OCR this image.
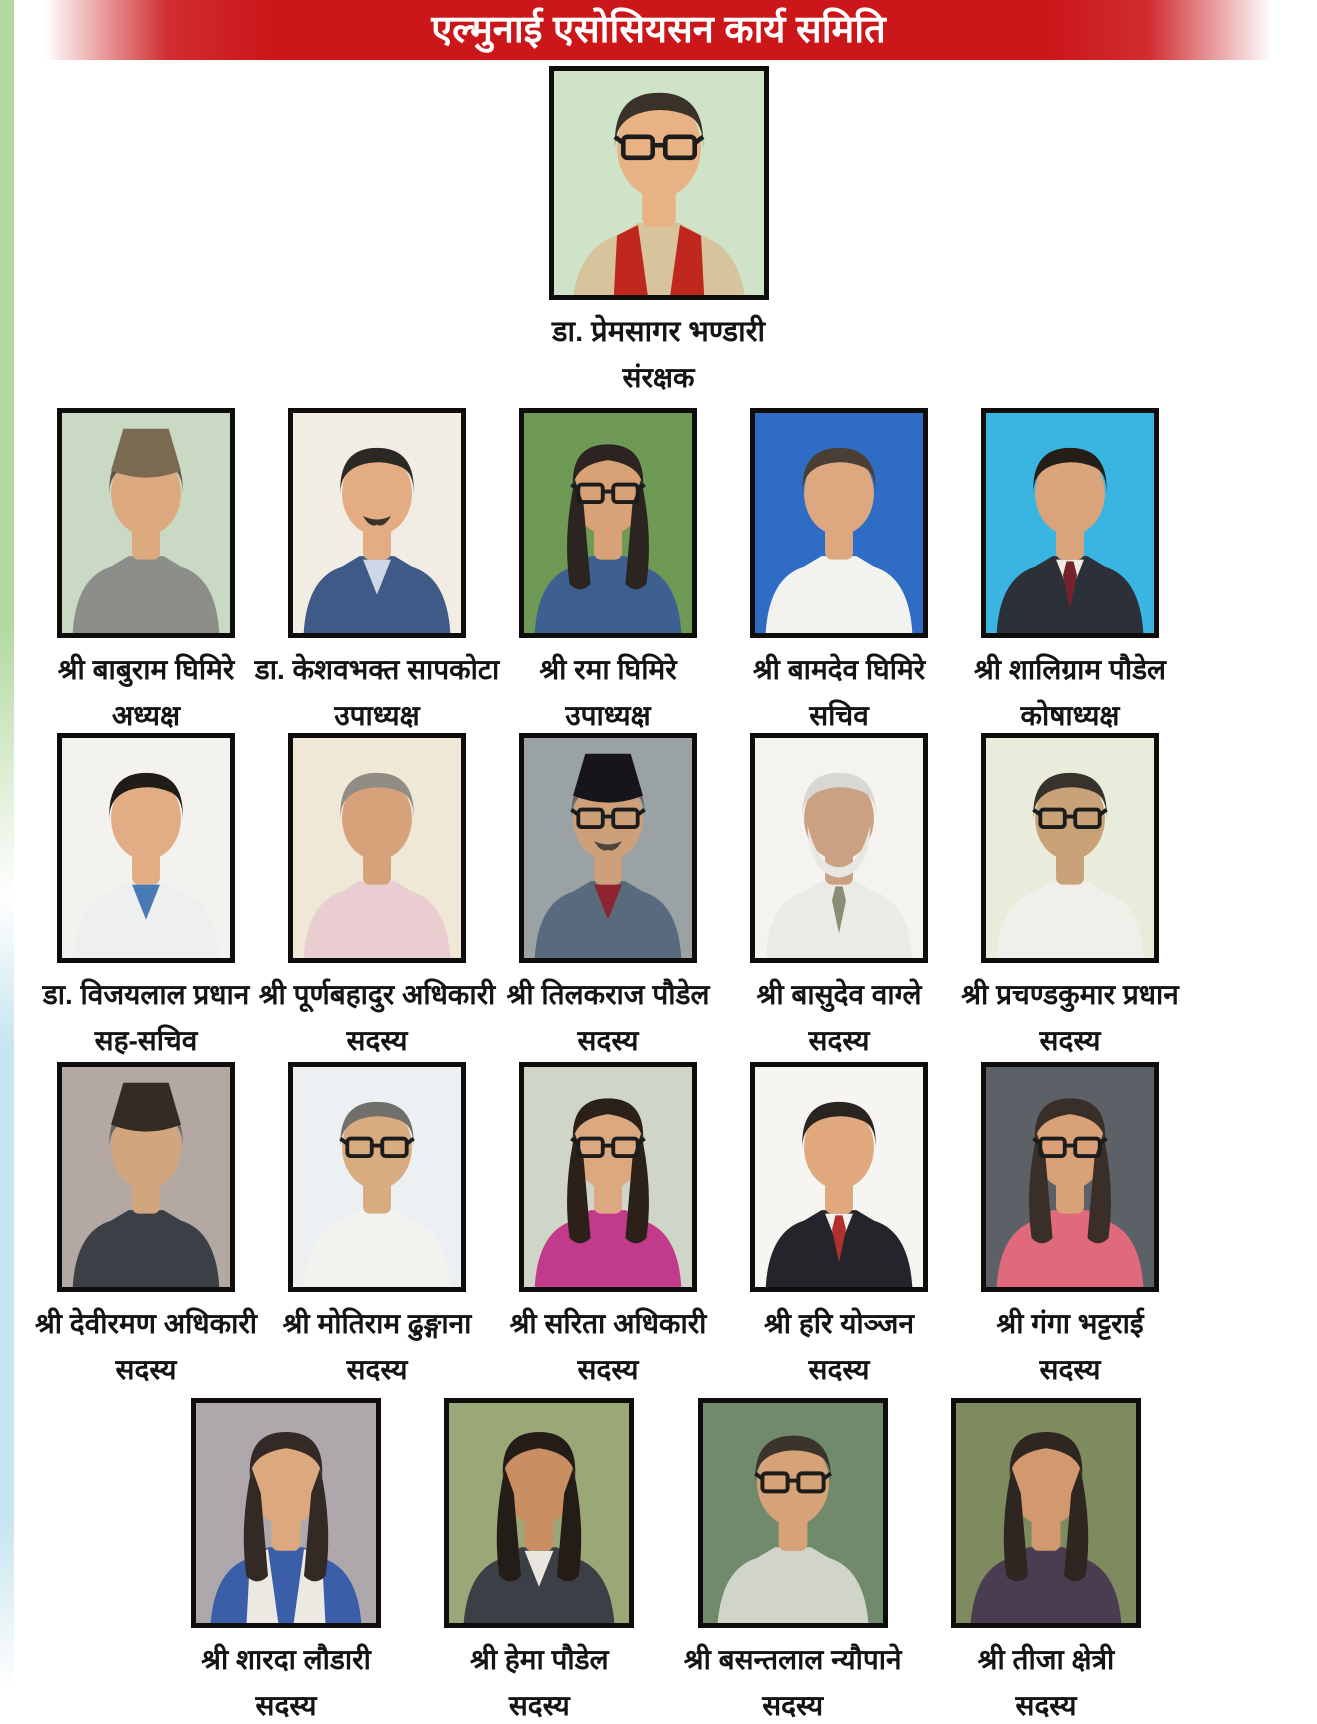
एल्मुनाई एसोसियसन कार्य समिति
डा. प्रेमसागर भण्डारी
संरक्षक
श्री बाबुराम घिमिरे
अध्यक्ष
डा. केशवभक्त सापकोटा
उपाध्यक्ष
श्री रमा घिमिरे
उपाध्यक्ष
श्री बामदेव घिमिरे
सचिव
श्री शालिग्राम पौडेल
कोषाध्यक्ष
डा. विजयलाल प्रधान
सह-सचिव
श्री पूर्णबहादुर अधिकारी
सदस्य
श्री तिलकराज पौडेल
सदस्य
श्री बासुदेव वाग्ले
सदस्य
श्री प्रचण्डकुमार प्रधान
सदस्य
श्री देवीरमण अधिकारी
सदस्य
श्री मोतिराम ढुङ्गाना
सदस्य
श्री सरिता अधिकारी
सदस्य
श्री हरि योञ्जन
सदस्य
श्री गंगा भट्टराई
सदस्य
श्री शारदा लौडारी
सदस्य
श्री हेमा पौडेल
सदस्य
श्री बसन्तलाल न्यौपाने
सदस्य
श्री तीजा क्षेत्री
सदस्य
